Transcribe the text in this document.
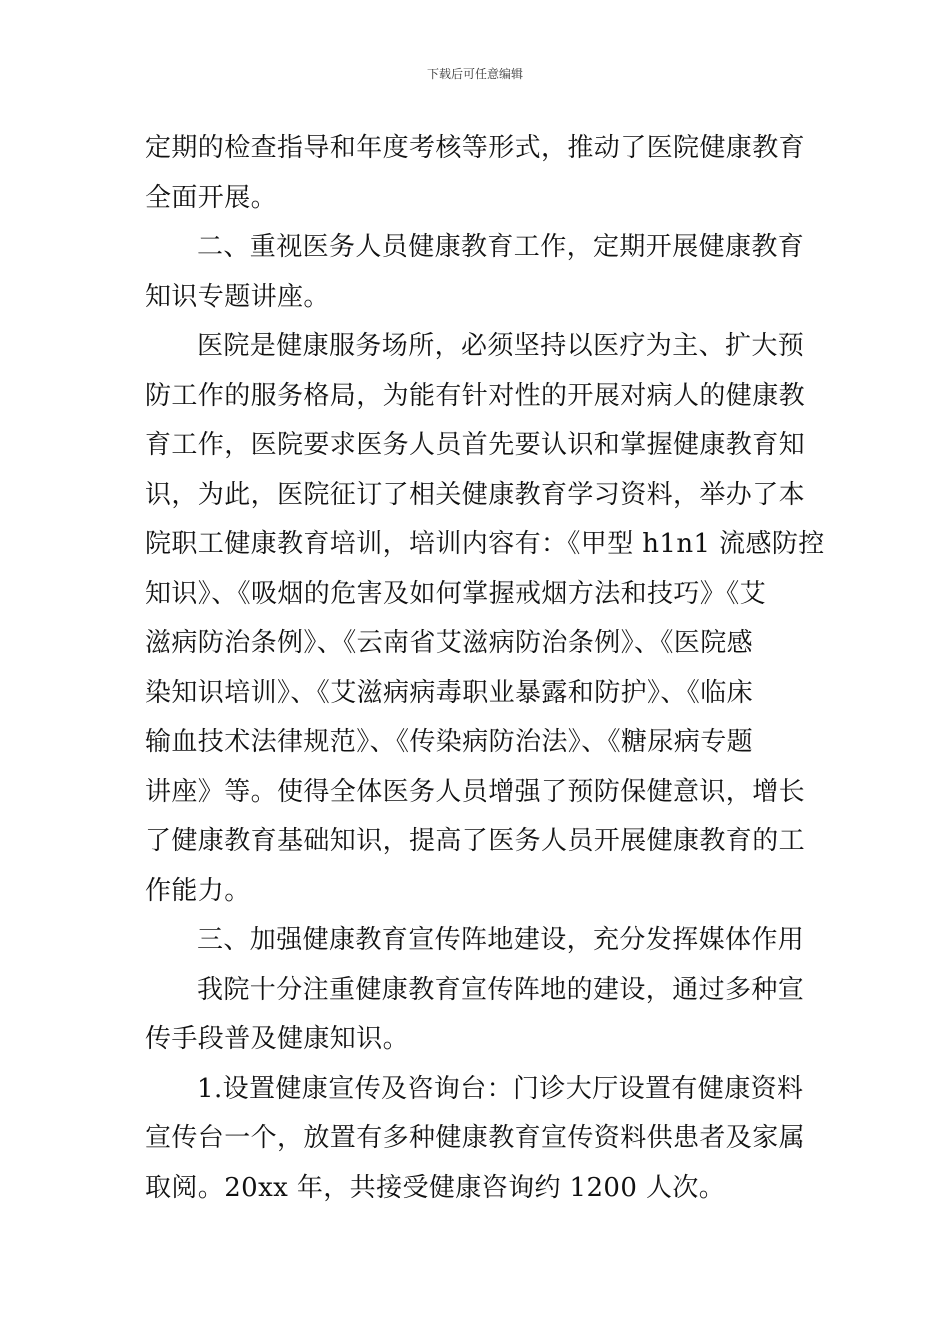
下载后可任意编辑
定期的检查指导和年度考核等形式，推动了医院健康教育
全面开展。
二、重视医务人员健康教育工作，定期开展健康教育
知识专题讲座。
医院是健康服务场所，必须坚持以医疗为主、扩大预
防工作的服务格局，为能有针对性的开展对病人的健康教
育工作，医院要求医务人员首先要认识和掌握健康教育知
识，为此，医院征订了相关健康教育学习资料，举办了本
院职工健康教育培训，培训内容有：《甲型 h1n1 流感防控
知识》、《吸烟的危害及如何掌握戒烟方法和技巧》《艾
滋病防治条例》、《云南省艾滋病防治条例》、《医院感
染知识培训》、《艾滋病病毒职业暴露和防护》、《临床
输血技术法律规范》、《传染病防治法》、《糖尿病专题
讲座》等。使得全体医务人员增强了预防保健意识，增长
了健康教育基础知识，提高了医务人员开展健康教育的工
作能力。
三、加强健康教育宣传阵地建设，充分发挥媒体作用
我院十分注重健康教育宣传阵地的建设，通过多种宣
传手段普及健康知识。
1.设置健康宣传及咨询台：门诊大厅设置有健康资料
宣传台一个，放置有多种健康教育宣传资料供患者及家属
取阅。20xx 年，共接受健康咨询约 1200 人次。
